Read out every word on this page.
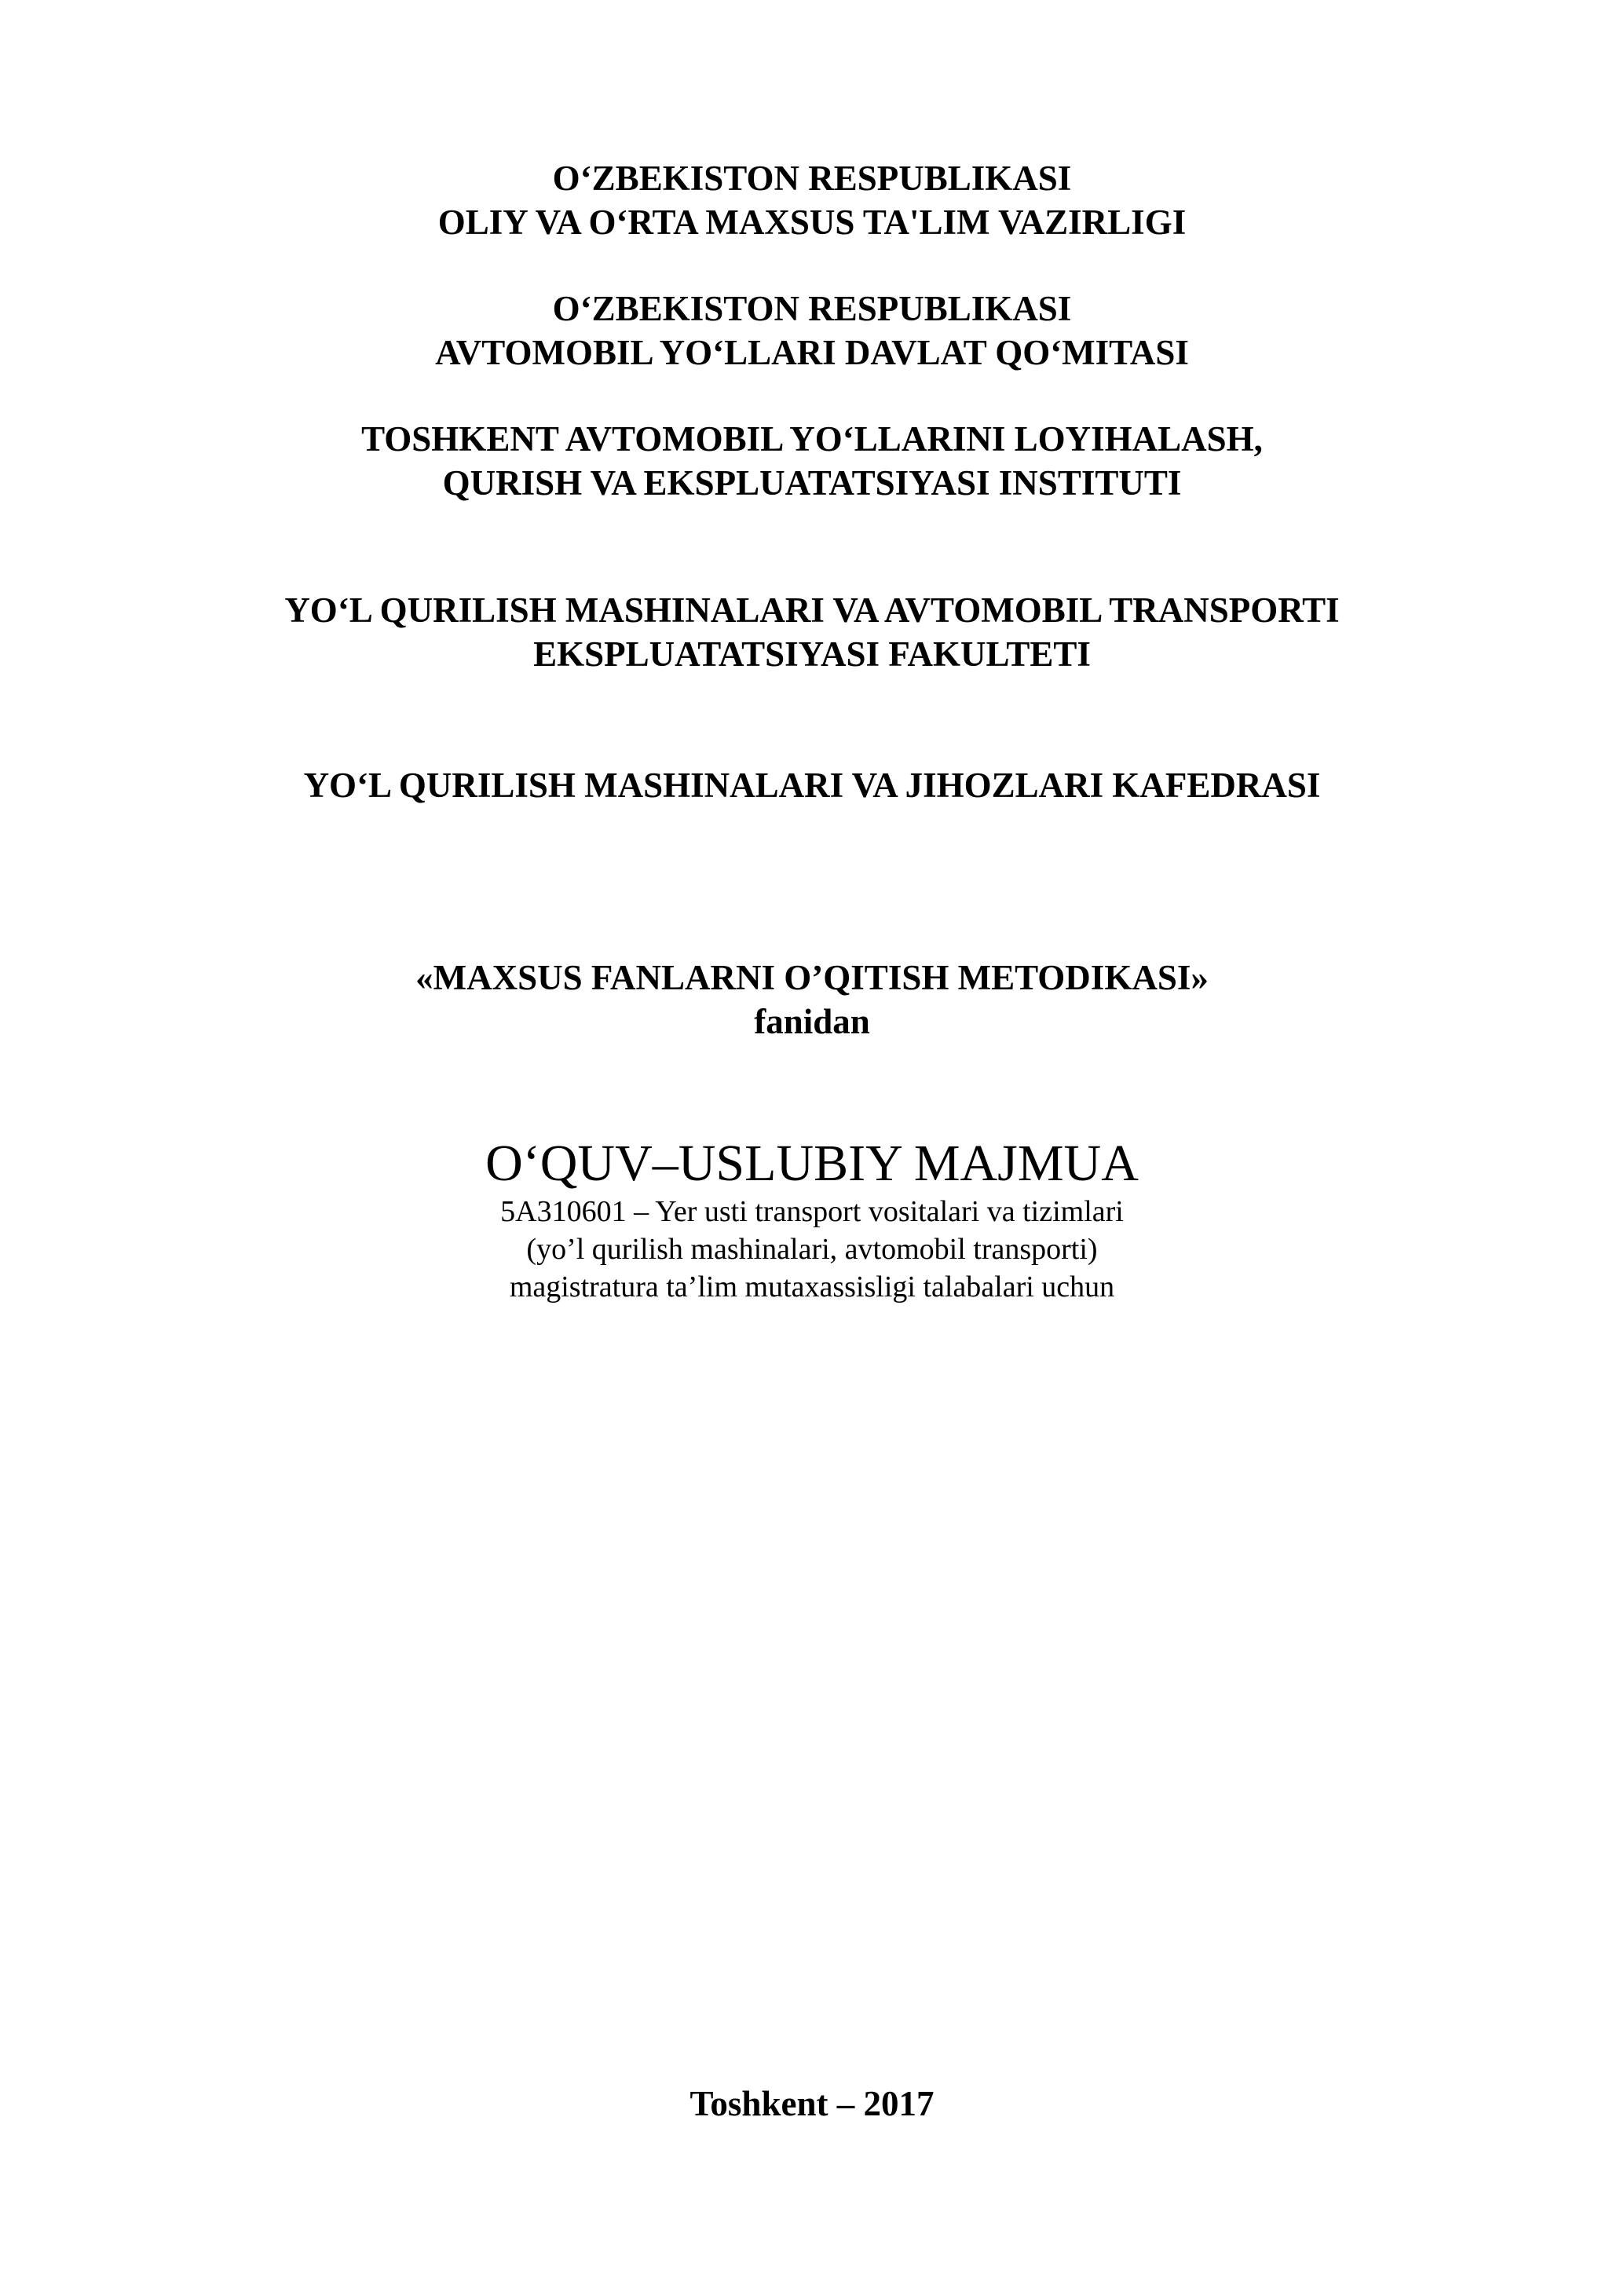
O‘ZBEKISTON RESPUBLIKASI
OLIY VA O‘RTA MAXSUS TA'LIM VAZIRLIGI
O‘ZBEKISTON RESPUBLIKASI
AVTOMOBIL YO‘LLARI DAVLAT QO‘MITASI
TOSHKENT AVTOMOBIL YO‘LLARINI LOYIHALASH,
QURISH VA EKSPLUATATSIYASI INSTITUTI
YO‘L QURILISH MASHINALARI VA AVTOMOBIL TRANSPORTI
EKSPLUATATSIYASI FAKULTETI
YO‘L QURILISH MASHINALARI VA JIHOZLARI KAFEDRASI
«MAXSUS FANLARNI O’QITISH METODIKASI»
fanidan
O‘QUV–USLUBIY MAJMUA
5A310601 – Yer usti transport vositalari va tizimlari
(yo’l qurilish mashinalari, avtomobil transporti)
magistratura ta’lim mutaxassisligi talabalari uchun
Toshkent – 2017
